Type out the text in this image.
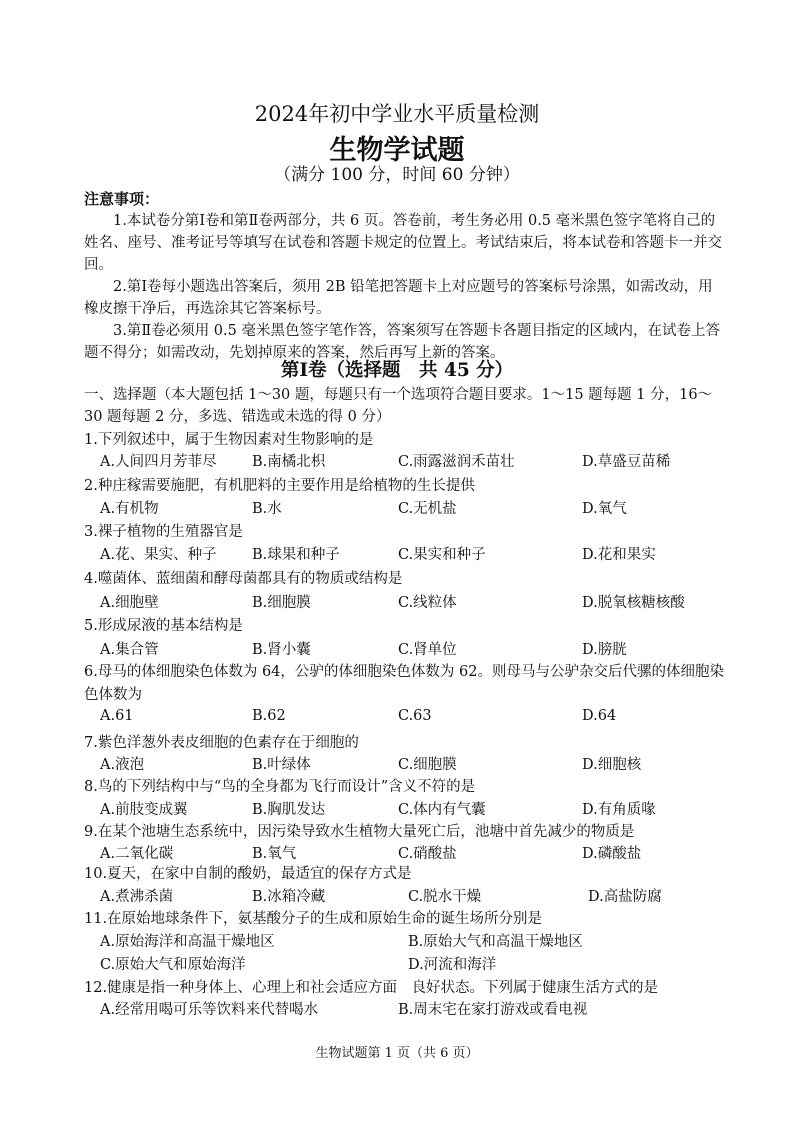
2024年初中学业水平质量检测
生物学试题
（满分 100 分，时间 60 分钟）
注意事项：
1.本试卷分第Ⅰ卷和第Ⅱ卷两部分，共 6 页。答卷前，考生务必用 0.5 毫米黑色签字笔将自己的姓名、座号、准考证号等填写在试卷和答题卡规定的位置上。考试结束后，将本试卷和答题卡一并交回。
2.第Ⅰ卷每小题选出答案后，须用 2B 铅笔把答题卡上对应题号的答案标号涂黑，如需改动，用橡皮擦干净后，再选涂其它答案标号。
3.第Ⅱ卷必须用 0.5 毫米黑色签字笔作答，答案须写在答题卡各题目指定的区域内，在试卷上答题不得分；如需改动，先划掉原来的答案，然后再写上新的答案。
第Ⅰ卷（选择题　共 45 分）
一、选择题（本大题包括 1～30 题，每题只有一个选项符合题目要求。1～15 题每题 1 分，16～30 题每题 2 分，多选、错选或未选的得 0 分）
1.下列叙述中，属于生物因素对生物影响的是
A.人间四月芳菲尽 B.南橘北枳	C.雨露滋润禾苗壮	D.草盛豆苗稀
2.种庄稼需要施肥，有机肥料的主要作用是给植物的生长提供
A.有机物	B.水	C.无机盐	D.氧气
3.裸子植物的生殖器官是
A.花、果实、种子 B.球果和种子	C.果实和种子	D.花和果实
4.噬菌体、蓝细菌和酵母菌都具有的物质或结构是
A.细胞壁	B.细胞膜	C.线粒体	D.脱氧核糖核酸
5.形成尿液的基本结构是
A.集合管	B.肾小囊	C.肾单位	D.膀胱
6.母马的体细胞染色体数为 64，公驴的体细胞染色体数为 62。则母马与公驴杂交后代骡的体细胞染色体数为
A.61	B.62	C.63	D.64
7.紫色洋葱外表皮细胞的色素存在于细胞的
A.液泡	B.叶绿体	C.细胞膜	D.细胞核
8.鸟的下列结构中与“鸟的全身都为飞行而设计”含义不符的是
A.前肢变成翼	B.胸肌发达	C.体内有气囊	D.有角质喙
9.在某个池塘生态系统中，因污染导致水生植物大量死亡后，池塘中首先减少的物质是
A.二氧化碳	B.氧气	C.硝酸盐	D.磷酸盐
10.夏天，在家中自制的酸奶，最适宜的保存方式是
A.煮沸杀菌	B.冰箱冷藏	C.脱水干燥	D.高盐防腐
11.在原始地球条件下，氨基酸分子的生成和原始生命的诞生场所分别是
A.原始海洋和高温干燥地区	B.原始大气和高温干燥地区
C.原始大气和原始海洋	D.河流和海洋
12.健康是指一种身体上、心理上和社会适应方面　良好状态。下列属于健康生活方式的是
A.经常用喝可乐等饮料来代替喝水	B.周末宅在家打游戏或看电视
生物试题第 1 页（共 6 页）
